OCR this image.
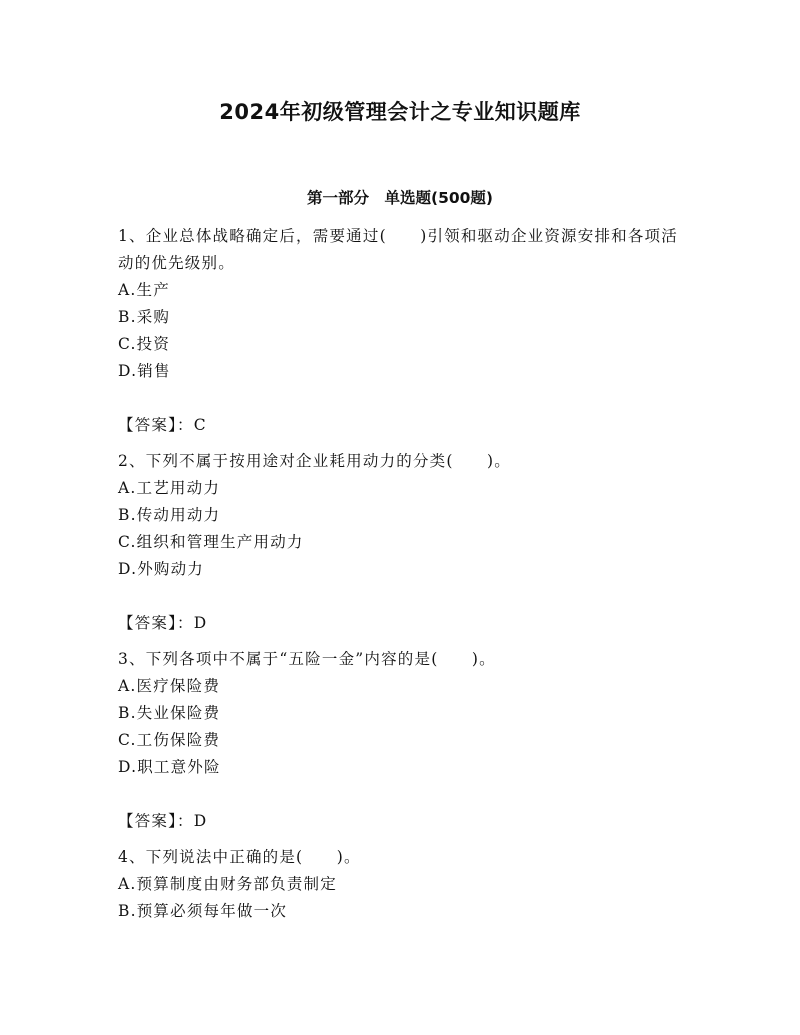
2024年初级管理会计之专业知识题库
第一部分　单选题(500题)

1、企业总体战略确定后，需要通过(　　)引领和驱动企业资源安排和各项活动的优先级别。

A.生产

B.采购

C.投资

D.销售

【答案】：C

2、下列不属于按用途对企业耗用动力的分类(　　)。

A.工艺用动力

B.传动用动力

C.组织和管理生产用动力

D.外购动力

【答案】：D

3、下列各项中不属于“五险一金”内容的是(　　)。

A.医疗保险费

B.失业保险费

C.工伤保险费

D.职工意外险

【答案】：D

4、下列说法中正确的是(　　)。

A.预算制度由财务部负责制定

B.预算必须每年做一次
